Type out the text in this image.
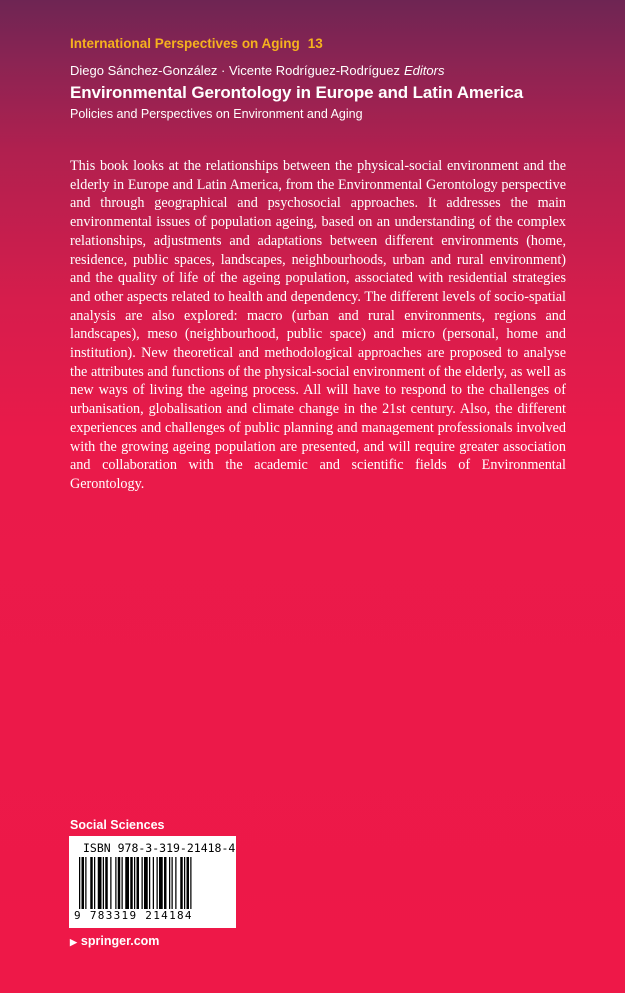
International Perspectives on Aging 13
Diego Sánchez-González · Vicente Rodríguez-Rodríguez Editors
Environmental Gerontology in Europe and Latin America
Policies and Perspectives on Environment and Aging

This book looks at the relationships between the physical-social environment and the elderly in Europe and Latin America, from the Environmental Gerontology perspective and through geographical and psychosocial approaches. It addresses the main environmental issues of population ageing, based on an understanding of the complex relationships, adjustments and adaptations between different environments (home, residence, public spaces, landscapes, neighbourhoods, urban and rural environment) and the quality of life of the ageing population, associated with residential strategies and other aspects related to health and dependency. The different levels of socio-spatial analysis are also explored: macro (urban and rural environments, regions and landscapes), meso (neighbourhood, public space) and micro (personal, home and institution). New theoretical and methodological approaches are proposed to analyse the attributes and functions of the physical-social environment of the elderly, as well as new ways of living the ageing process. All will have to respond to the challenges of urbanisation, globalisation and climate change in the 21st century. Also, the different experiences and challenges of public planning and management professionals involved with the growing ageing population are presented, and will require greater association and collaboration with the academic and scientific fields of Environmental Gerontology.

Social Sciences
ISBN 978-3-319-21418-4
9 783319 214184
▶ springer.com
